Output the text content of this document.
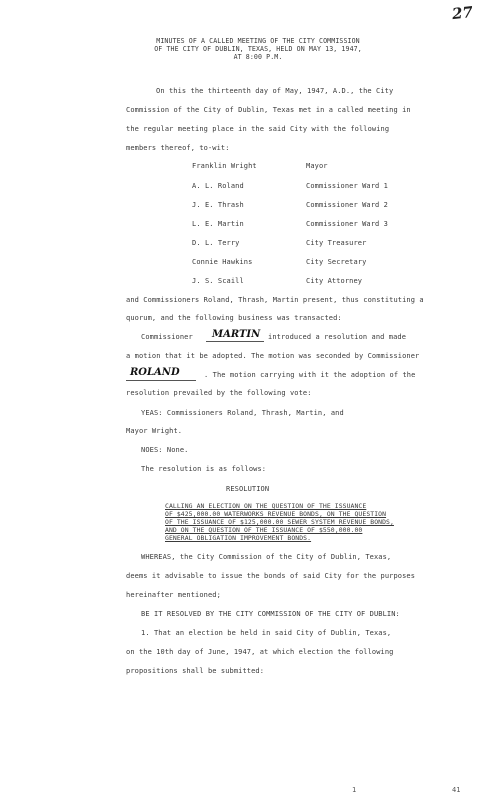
27
MINUTES OF A CALLED MEETING OF THE CITY COMMISSION
OF THE CITY OF DUBLIN, TEXAS, HELD ON MAY 13, 1947,
AT 8:00 P.M.
On this the thirteenth day of May, 1947, A.D., the City
Commission of the City of Dublin, Texas met in a called meeting in
the regular meeting place in the said City with the following
members thereof, to-wit:
Franklin Wright	Mayor
A. L. Roland	Commissioner Ward 1
J. E. Thrash	Commissioner Ward 2
L. E. Martin	Commissioner Ward 3
D. L. Terry	City Treasurer
Connie Hawkins	City Secretary
J. S. Scaill	City Attorney
and Commissioners Roland, Thrash, Martin present, thus constituting a
quorum, and the following business was transacted:
Commissioner MARTIN introduced a resolution and made
a motion that it be adopted. The motion was seconded by Commissioner
ROLAND	. The motion carrying with it the adoption of the
resolution prevailed by the following vote:
YEAS: Commissioners Roland, Thrash, Martin, and
Mayor Wright.
NOES: None.
The resolution is as follows:
RESOLUTION
CALLING AN ELECTION ON THE QUESTION OF THE ISSUANCE
OF $425,000.00 WATERWORKS REVENUE BONDS, ON THE QUESTION
OF THE ISSUANCE OF $125,000.00 SEWER SYSTEM REVENUE BONDS,
AND ON THE QUESTION OF THE ISSUANCE OF $550,000.00
GENERAL OBLIGATION IMPROVEMENT BONDS.
WHEREAS, the City Commission of the City of Dublin, Texas,
deems it advisable to issue the bonds of said City for the purposes
hereinafter mentioned;
BE IT RESOLVED BY THE CITY COMMISSION OF THE CITY OF DUBLIN:
1. That an election be held in said City of Dublin, Texas,
on the 10th day of June, 1947, at which election the following
propositions shall be submitted:
1	41
